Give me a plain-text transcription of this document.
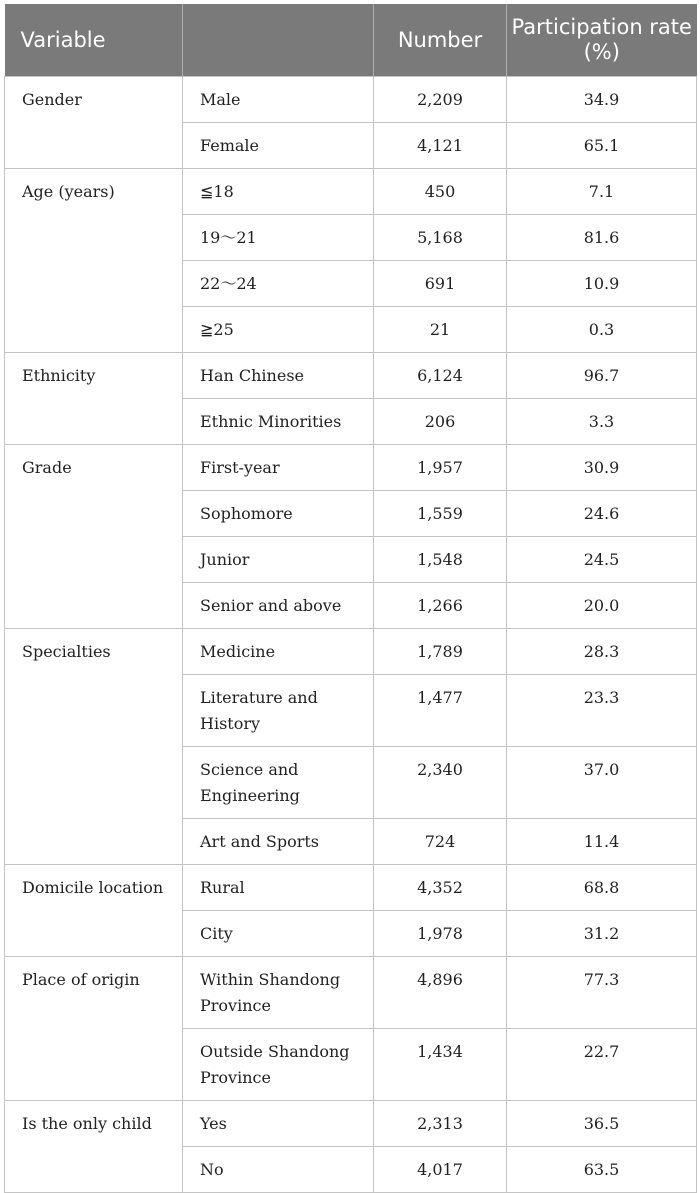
Variable		Number	Participation rate (%)
Gender	Male	2,209	34.9
	Female	4,121	65.1
Age (years)	≦18	450	7.1
	19～21	5,168	81.6
	22～24	691	10.9
	≧25	21	0.3
Ethnicity	Han Chinese	6,124	96.7
	Ethnic Minorities	206	3.3
Grade	First-year	1,957	30.9
	Sophomore	1,559	24.6
	Junior	1,548	24.5
	Senior and above	1,266	20.0
Specialties	Medicine	1,789	28.3
	Literature and History	1,477	23.3
	Science and Engineering	2,340	37.0
	Art and Sports	724	11.4
Domicile location	Rural	4,352	68.8
	City	1,978	31.2
Place of origin	Within Shandong Province	4,896	77.3
	Outside Shandong Province	1,434	22.7
Is the only child	Yes	2,313	36.5
	No	4,017	63.5
